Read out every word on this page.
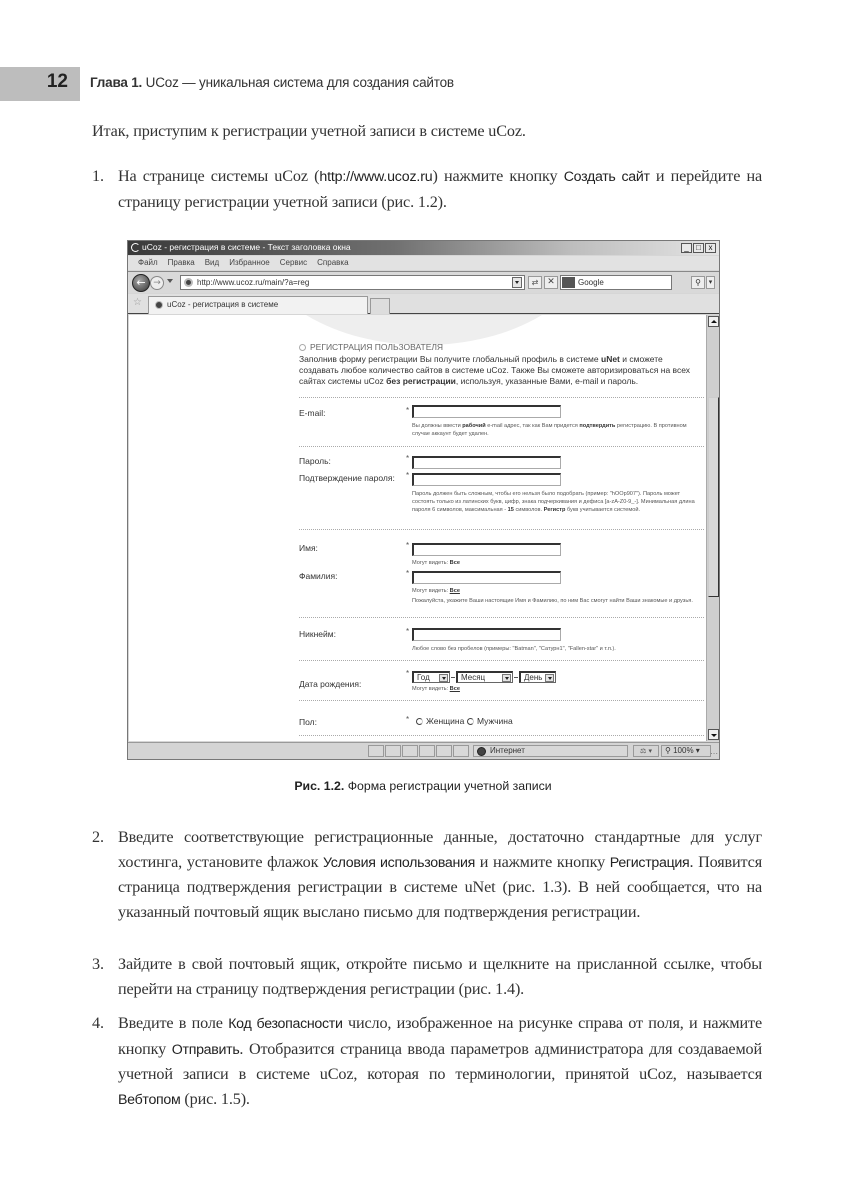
12 Глава 1. UCoz — уникальная система для создания сайтов
Итак, приступим к регистрации учетной записи в системе uCoz.
1. На странице системы uCoz (http://www.ucoz.ru) нажмите кнопку Создать сайт и перейдите на страницу регистрации учетной записи (рис. 1.2).
uCoz - регистрация в системе - Текст заголовка окна	_ □ x
Файл	Правка	Вид	Избранное	Сервис	Справка
← →	http://www.ucoz.ru/main/?a=reg	⇄ ✕	Google	⚲	▾
☆	uCoz - регистрация в системе
РЕГИСТРАЦИЯ ПОЛЬЗОВАТЕЛЯ
Заполнив форму регистрации Вы получите глобальный профиль в системе uNet и сможете создавать любое количество сайтов в системе uCoz. Также Вы сможете авторизироваться на всех сайтах системы uCoz без регистрации, используя, указанные Вами, e-mail и пароль.
E-mail:	*
Вы должны ввести рабочий e-mail адрес, так как Вам придется подтвердить регистрацию. В противном случае аккаунт будет удален.
Пароль:	*
Подтверждение пароля: *
Пароль должен быть сложным, чтобы его нельзя было подобрать (пример: "hOOp907"). Пароль может состоять только из латинских букв, цифр, знака подчеркивания и дефиса [a-zA-Z0-9_-]. Минимальная длина пароля 6 символов, максимальная - 15 символов. Регистр букв учитывается системой.
Имя:	*
Могут видеть: Все
Фамилия:	*
Могут видеть: Все
Пожалуйста, укажите Ваши настоящие Имя и Фамилию, по ним Вас смогут найти Ваши знакомые и друзья.
Никнейм:	*
Любое слово без пробелов (примеры: "Batman", "Сатурн1", "Fallen-star" и т.п.).
Дата рождения:
* Год	Месяц	День
Могут видеть: Все
Пол:	*	Женщина	Мужчина
Интернет	⚖ ▾	⚲ 100% ▾	⋯
Рис. 1.2. Форма регистрации учетной записи
2. Введите соответствующие регистрационные данные, достаточно стандартные для услуг хостинга, установите флажок Условия использования и нажмите кнопку Регистрация. Появится страница подтверждения регистрации в системе uNet (рис. 1.3). В ней сообщается, что на указанный почтовый ящик выслано письмо для подтверждения регистрации.
3. Зайдите в свой почтовый ящик, откройте письмо и щелкните на присланной ссылке, чтобы перейти на страницу подтверждения регистрации (рис. 1.4).
4. Введите в поле Код безопасности число, изображенное на рисунке справа от поля, и нажмите кнопку Отправить. Отобразится страница ввода параметров администратора для создаваемой учетной записи в системе uCoz, которая по терминологии, принятой uCoz, называется Вебтопом (рис. 1.5).
